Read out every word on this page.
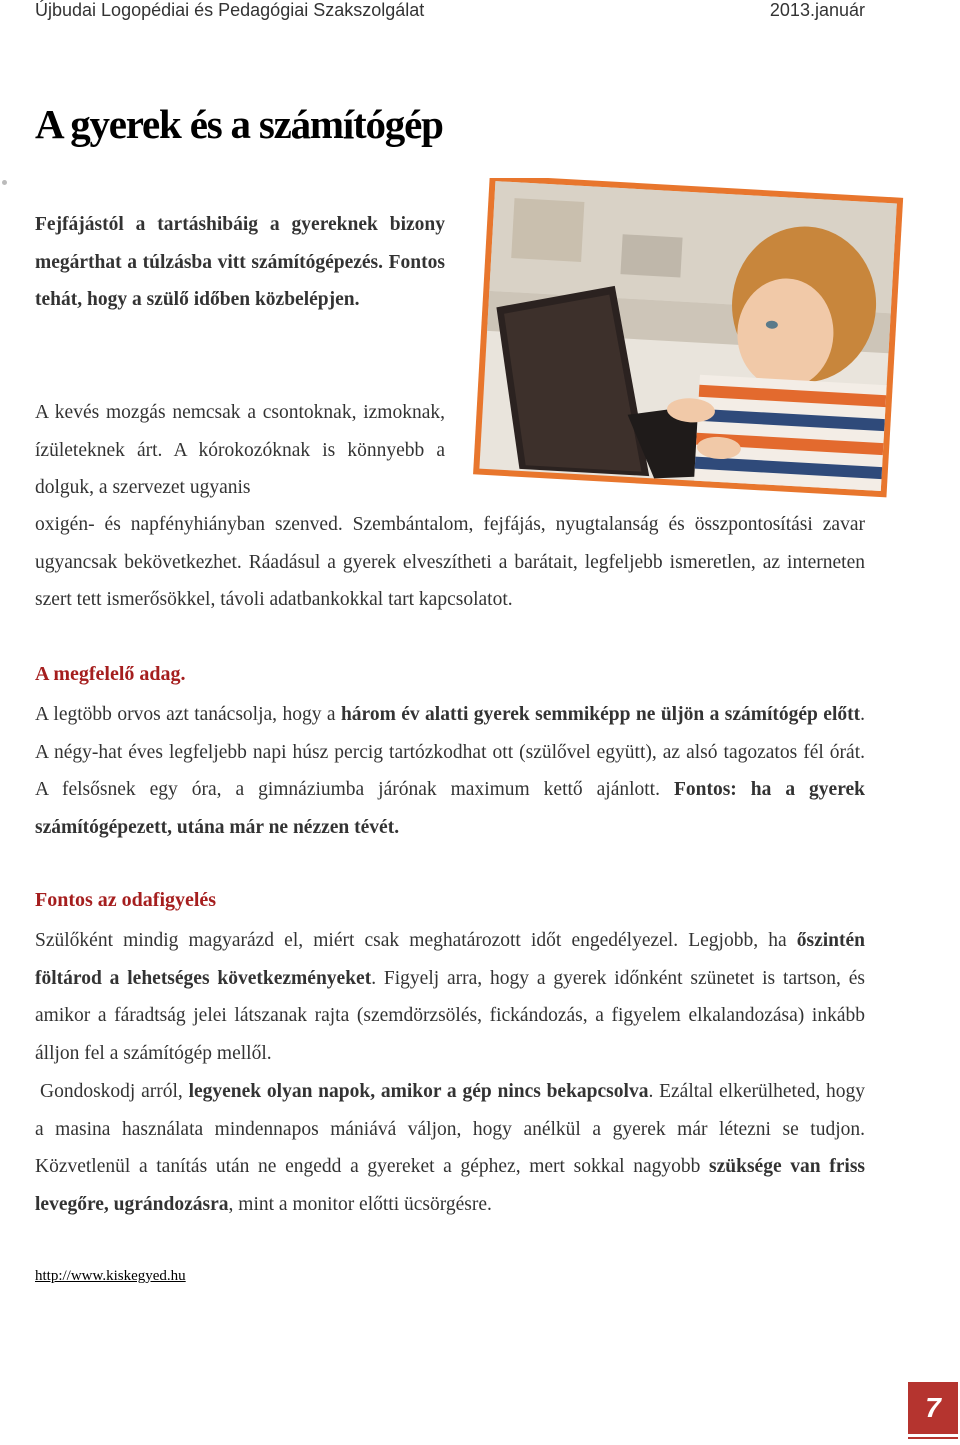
Újbudai Logopédiai és Pedagógiai Szakszolgálat	2013.január
A gyerek és a számítógép

Fejfájástól a tartáshibáig a gyereknek bizony megárthat a túlzásba vitt számítógépezés. Fontos tehát, hogy a szülő időben közbelépjen.

A kevés mozgás nemcsak a csontoknak, izmoknak, ízületeknek árt. A kórokozóknak is könnyebb a dolguk, a szervezet ugyanis

oxigén- és napfényhiányban szenved. Szembántalom, fejfájás, nyugtalanság és összpontosítási zavar ugyancsak bekövetkezhet. Ráadásul a gyerek elveszítheti a barátait, legfeljebb ismeretlen, az interneten szert tett ismerősökkel, távoli adatbankokkal tart kapcsolatot.

A megfelelő adag.

A legtöbb orvos azt tanácsolja, hogy a három év alatti gyerek semmiképp ne üljön a számítógép előtt. A négy-hat éves legfeljebb napi húsz percig tartózkodhat ott (szülővel együtt), az alsó tagozatos fél órát. A felsősnek egy óra, a gimnáziumba járónak maximum kettő ajánlott. Fontos: ha a gyerek számítógépezett, utána már ne nézzen tévét.

Fontos az odafigyelés

Szülőként mindig magyarázd el, miért csak meghatározott időt engedélyezel. Legjobb, ha őszintén föltárod a lehetséges következményeket. Figyelj arra, hogy a gyerek időnként szünetet is tartson, és amikor a fáradtság jelei látszanak rajta (szemdörzsölés, fickándozás, a figyelem elkalandozása) inkább álljon fel a számítógép mellől.

Gondoskodj arról, legyenek olyan napok, amikor a gép nincs bekapcsolva. Ezáltal elkerülheted, hogy a masina használata mindennapos mániává váljon, hogy anélkül a gyerek már létezni se tudjon. Közvetlenül a tanítás után ne engedd a gyereket a géphez, mert sokkal nagyobb szüksége van friss levegőre, ugrándozásra, mint a monitor előtti ücsörgésre.

http://www.kiskegyed.hu
7
